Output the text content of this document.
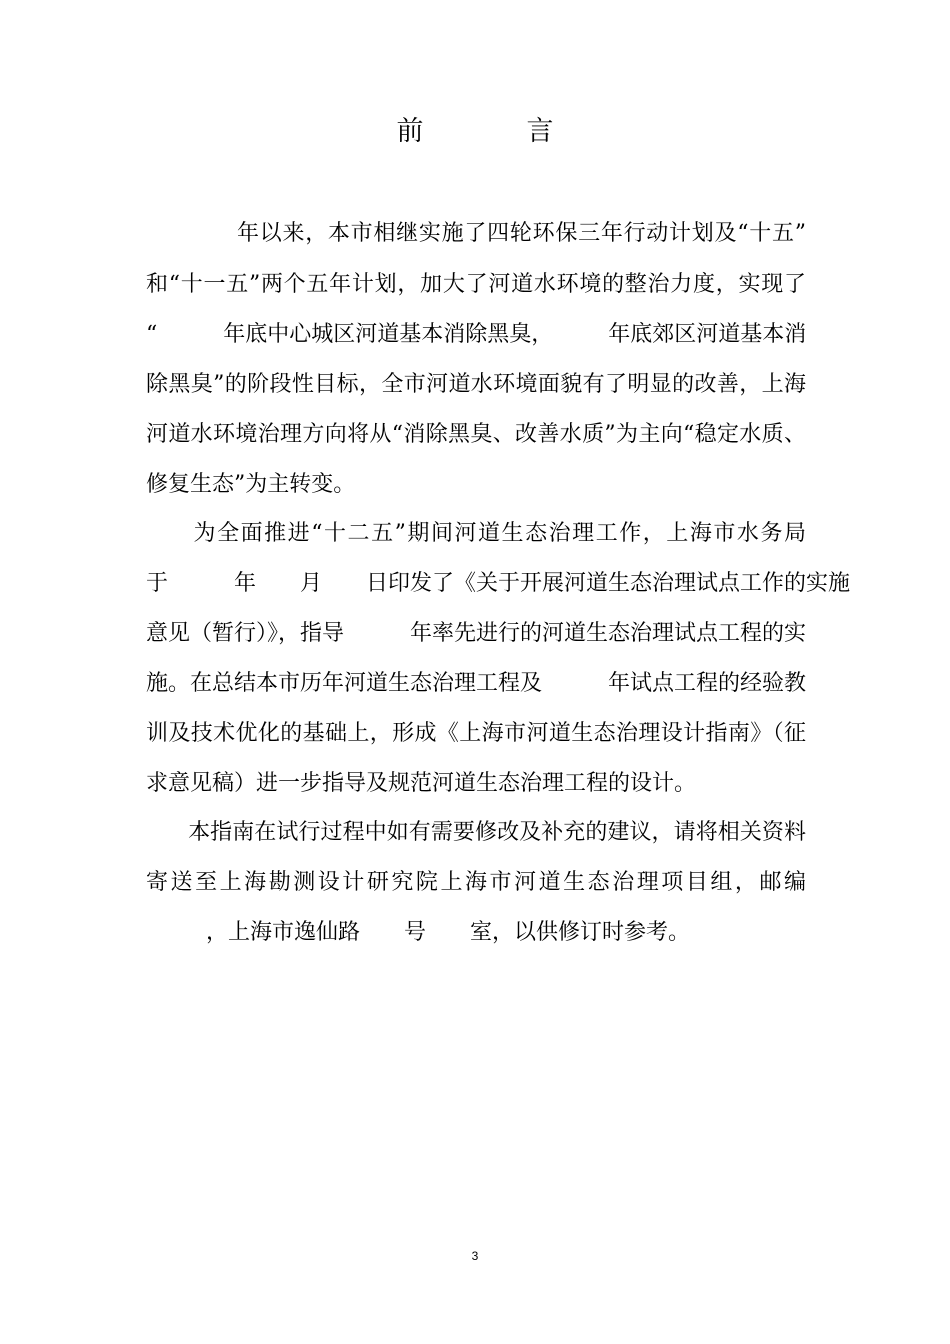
前　言
　　　　年以来，本市相继实施了四轮环保三年行动计划及“十五”
和“十一五”两个五年计划，加大了河道水环境的整治力度，实现了
“　　　年底中心城区河道基本消除黑臭，　　　年底郊区河道基本消
除黑臭”的阶段性目标，全市河道水环境面貌有了明显的改善，上海
河道水环境治理方向将从“消除黑臭、改善水质”为主向“稳定水质、
修复生态”为主转变。
　为全面推进“十二五”期间河道生态治理工作，上海市水务局
于　　　年　　月　　日印发了《关于开展河道生态治理试点工作的实施
意见（暂行）》，指导　　　年率先进行的河道生态治理试点工程的实
施。在总结本市历年河道生态治理工程及　　　年试点工程的经验教
训及技术优化的基础上，形成《上海市河道生态治理设计指南》（征
求意见稿）进一步指导及规范河道生态治理工程的设计。
　本指南在试行过程中如有需要修改及补充的建议，请将相关资料
寄送至上海勘测设计研究院上海市河道生态治理项目组，邮编
　　　，上海市逸仙路　　号　　室，以供修订时参考。
3
